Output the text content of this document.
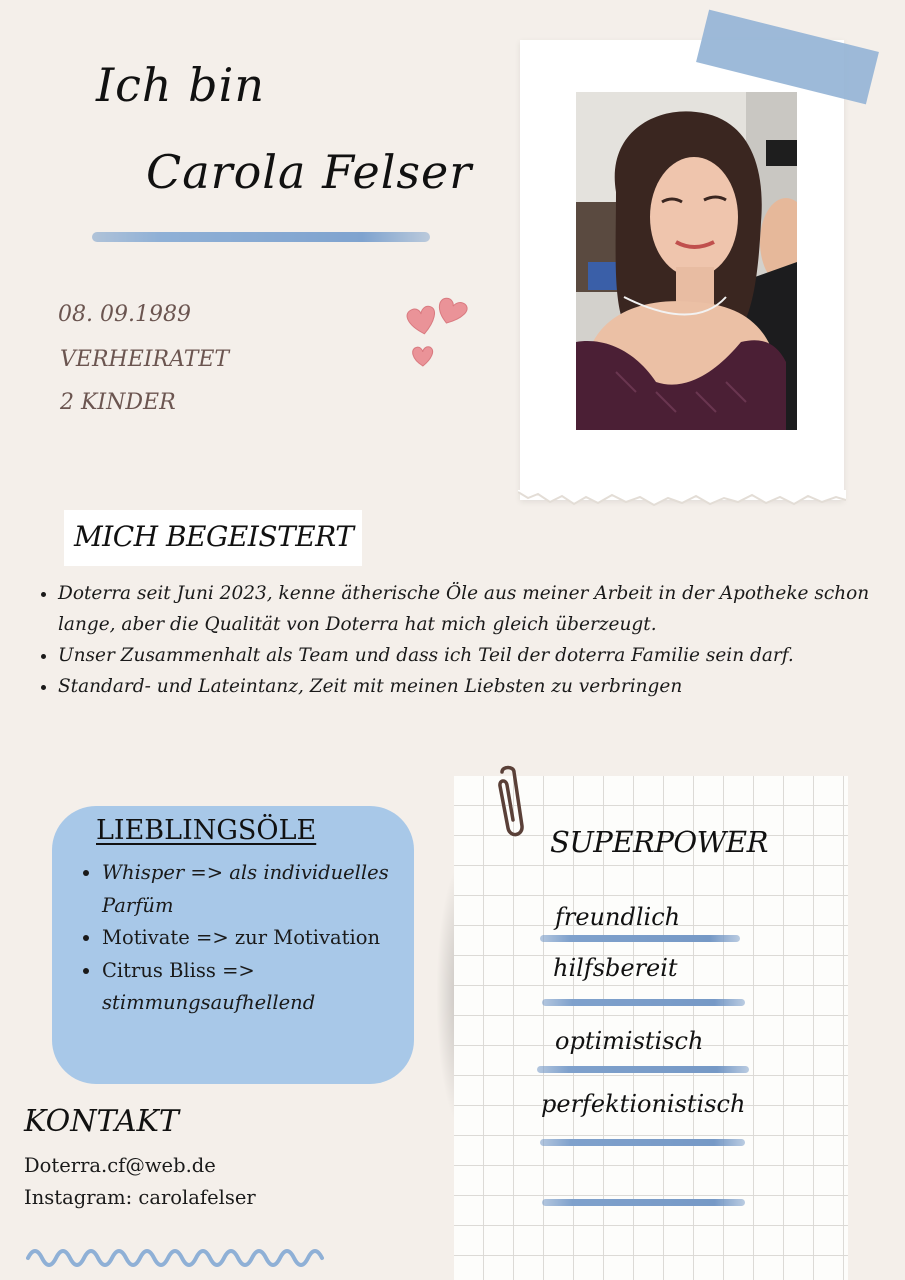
Ich bin
Carola Felser
08. 09.1989
VERHEIRATET
2 KINDER
MICH BEGEISTERT
• Doterra seit Juni 2023, kenne ätherische Öle aus meiner Arbeit in der Apotheke schon lange, aber die Qualität von Doterra hat mich gleich überzeugt.
• Unser Zusammenhalt als Team und dass ich Teil der doterra Familie sein darf.
• Standard- und Lateintanz, Zeit mit meinen Liebsten zu verbringen
LIEBLINGSÖLE
• Whisper => als individuelles Parfüm
• Motivate => zur Motivation
• Citrus Bliss =>
stimmungsaufhellend
KONTAKT
Doterra.cf@web.de
Instagram: carolafelser
SUPERPOWER
freundlich
hilfsbereit
optimistisch
perfektionistisch
